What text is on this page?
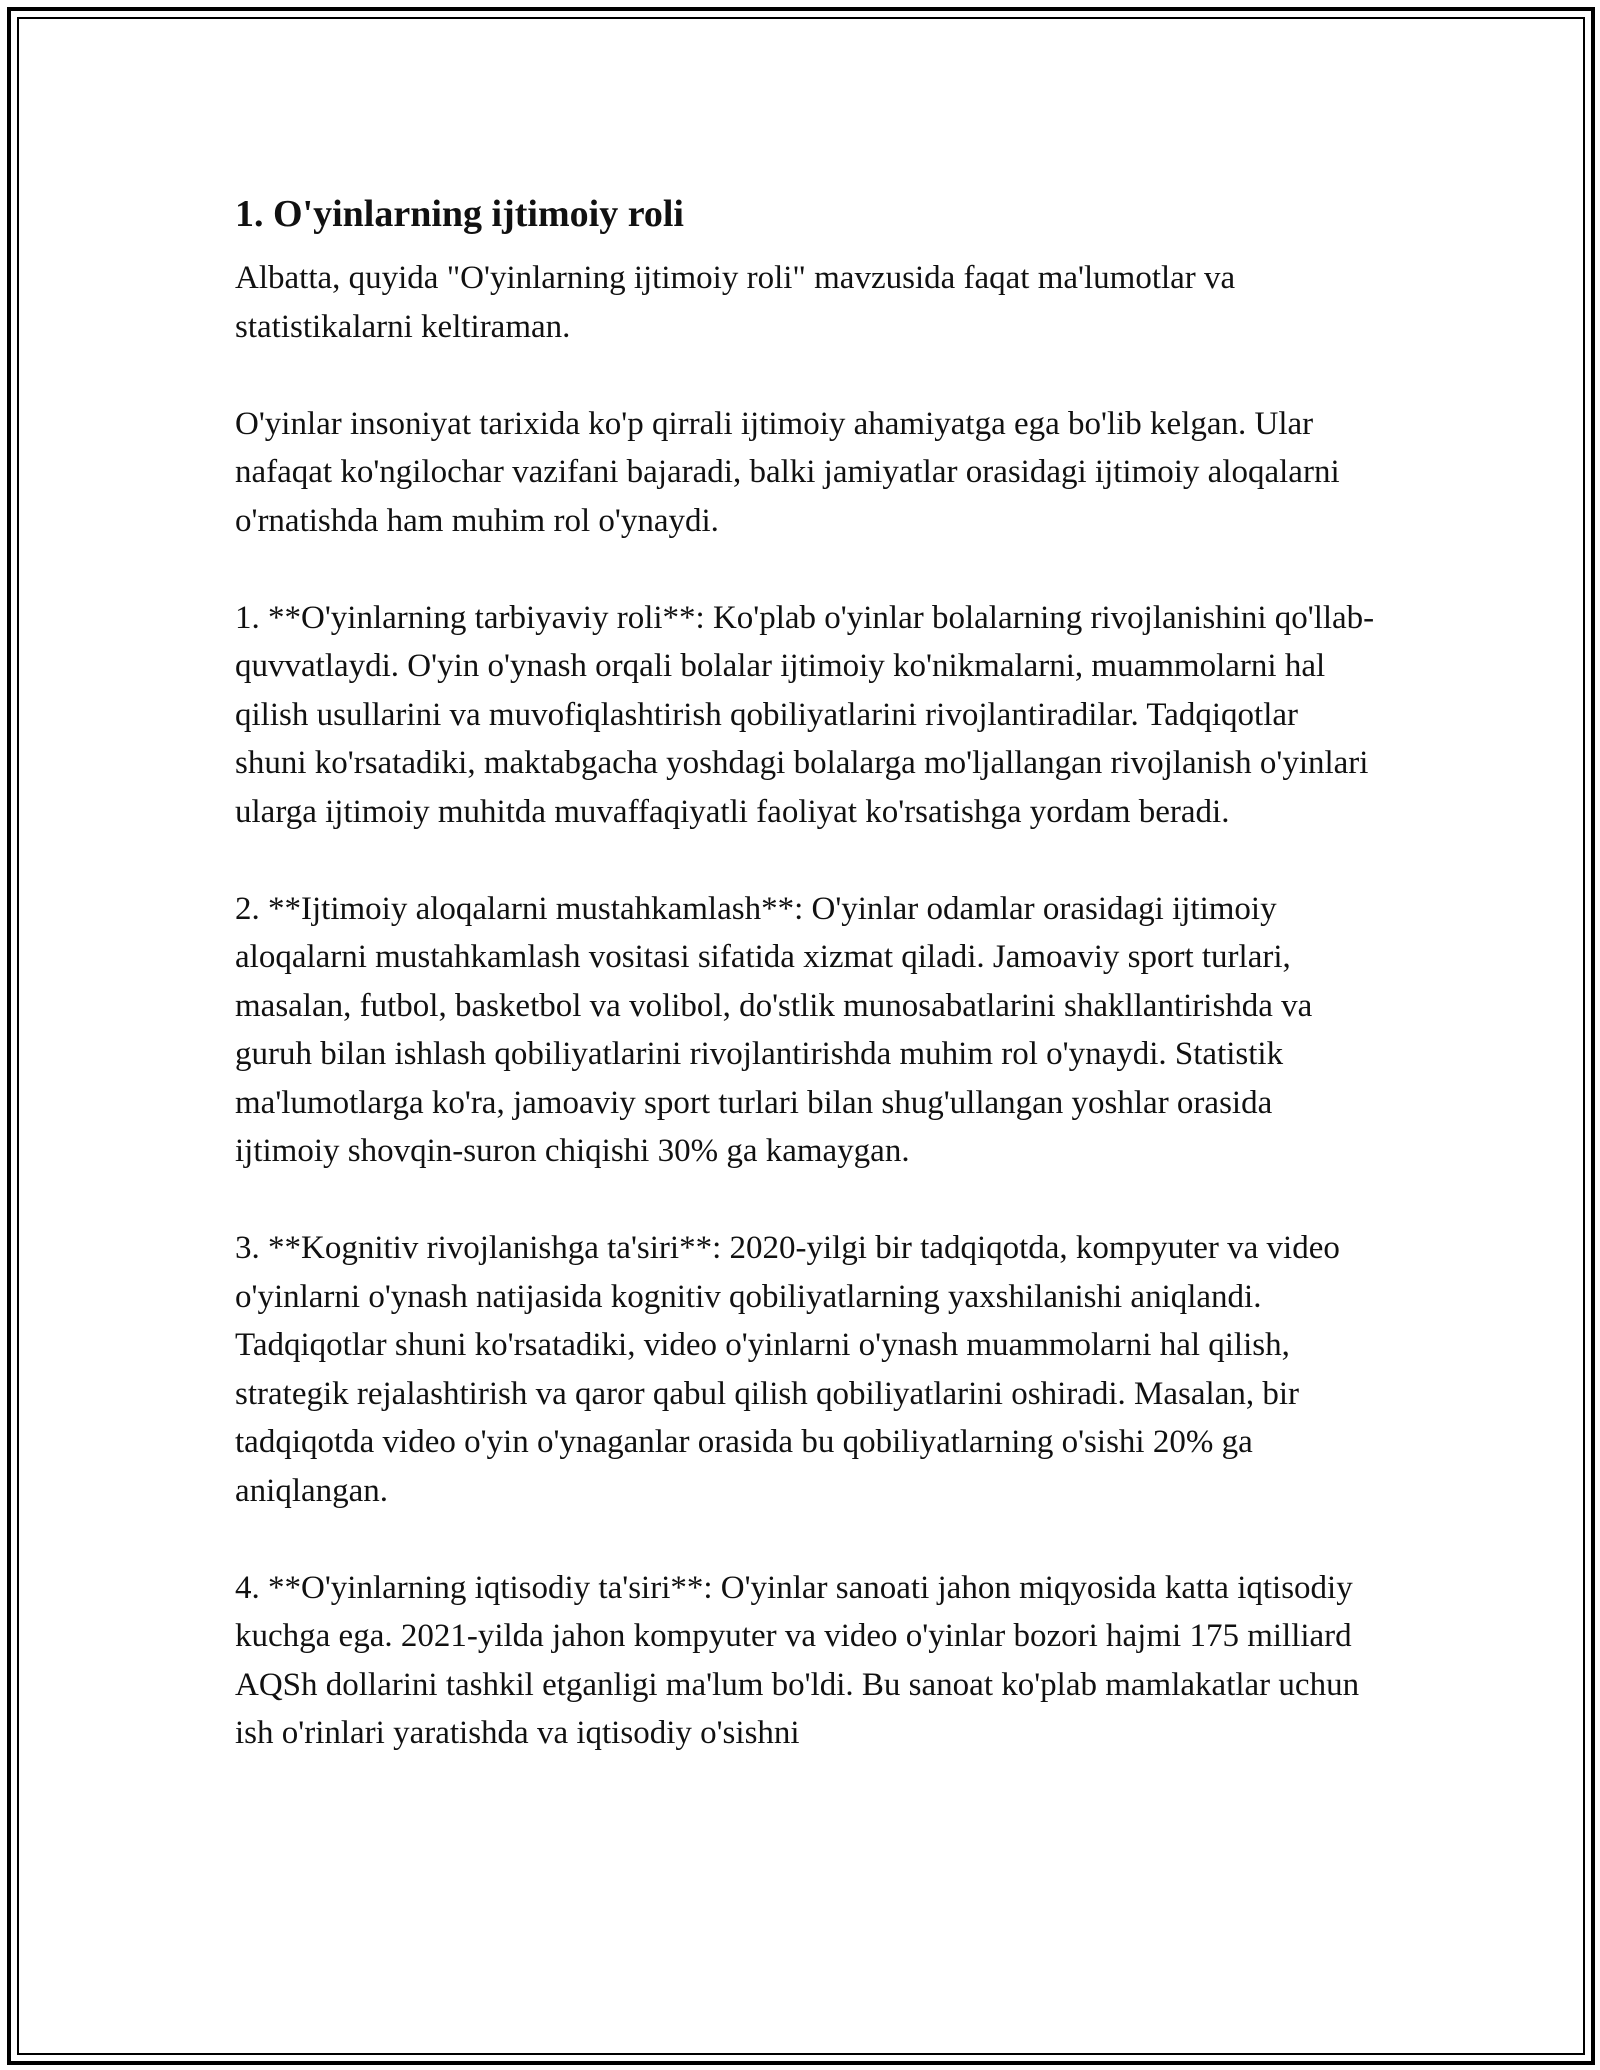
1. O'yinlarning ijtimoiy roli

Albatta, quyida "O'yinlarning ijtimoiy roli" mavzusida faqat ma'lumotlar va statistikalarni keltiraman.

O'yinlar insoniyat tarixida ko'p qirrali ijtimoiy ahamiyatga ega bo'lib kelgan. Ular nafaqat ko'ngilochar vazifani bajaradi, balki jamiyatlar orasidagi ijtimoiy aloqalarni o'rnatishda ham muhim rol o'ynaydi.

1. **O'yinlarning tarbiyaviy roli**: Ko'plab o'yinlar bolalarning rivojlanishini qo'llab-quvvatlaydi. O'yin o'ynash orqali bolalar ijtimoiy ko'nikmalarni, muammolarni hal qilish usullarini va muvofiqlashtirish qobiliyatlarini rivojlantiradilar. Tadqiqotlar shuni ko'rsatadiki, maktabgacha yoshdagi bolalarga mo'ljallangan rivojlanish o'yinlari ularga ijtimoiy muhitda muvaffaqiyatli faoliyat ko'rsatishga yordam beradi.

2. **Ijtimoiy aloqalarni mustahkamlash**: O'yinlar odamlar orasidagi ijtimoiy aloqalarni mustahkamlash vositasi sifatida xizmat qiladi. Jamoaviy sport turlari, masalan, futbol, basketbol va volibol, do'stlik munosabatlarini shakllantirishda va guruh bilan ishlash qobiliyatlarini rivojlantirishda muhim rol o'ynaydi. Statistik ma'lumotlarga ko'ra, jamoaviy sport turlari bilan shug'ullangan yoshlar orasida ijtimoiy shovqin-suron chiqishi 30% ga kamaygan.

3. **Kognitiv rivojlanishga ta'siri**: 2020-yilgi bir tadqiqotda, kompyuter va video o'yinlarni o'ynash natijasida kognitiv qobiliyatlarning yaxshilanishi aniqlandi. Tadqiqotlar shuni ko'rsatadiki, video o'yinlarni o'ynash muammolarni hal qilish, strategik rejalashtirish va qaror qabul qilish qobiliyatlarini oshiradi. Masalan, bir tadqiqotda video o'yin o'ynaganlar orasida bu qobiliyatlarning o'sishi 20% ga aniqlangan.

4. **O'yinlarning iqtisodiy ta'siri**: O'yinlar sanoati jahon miqyosida katta iqtisodiy kuchga ega. 2021-yilda jahon kompyuter va video o'yinlar bozori hajmi 175 milliard AQSh dollarini tashkil etganligi ma'lum bo'ldi. Bu sanoat ko'plab mamlakatlar uchun ish o'rinlari yaratishda va iqtisodiy o'sishni
